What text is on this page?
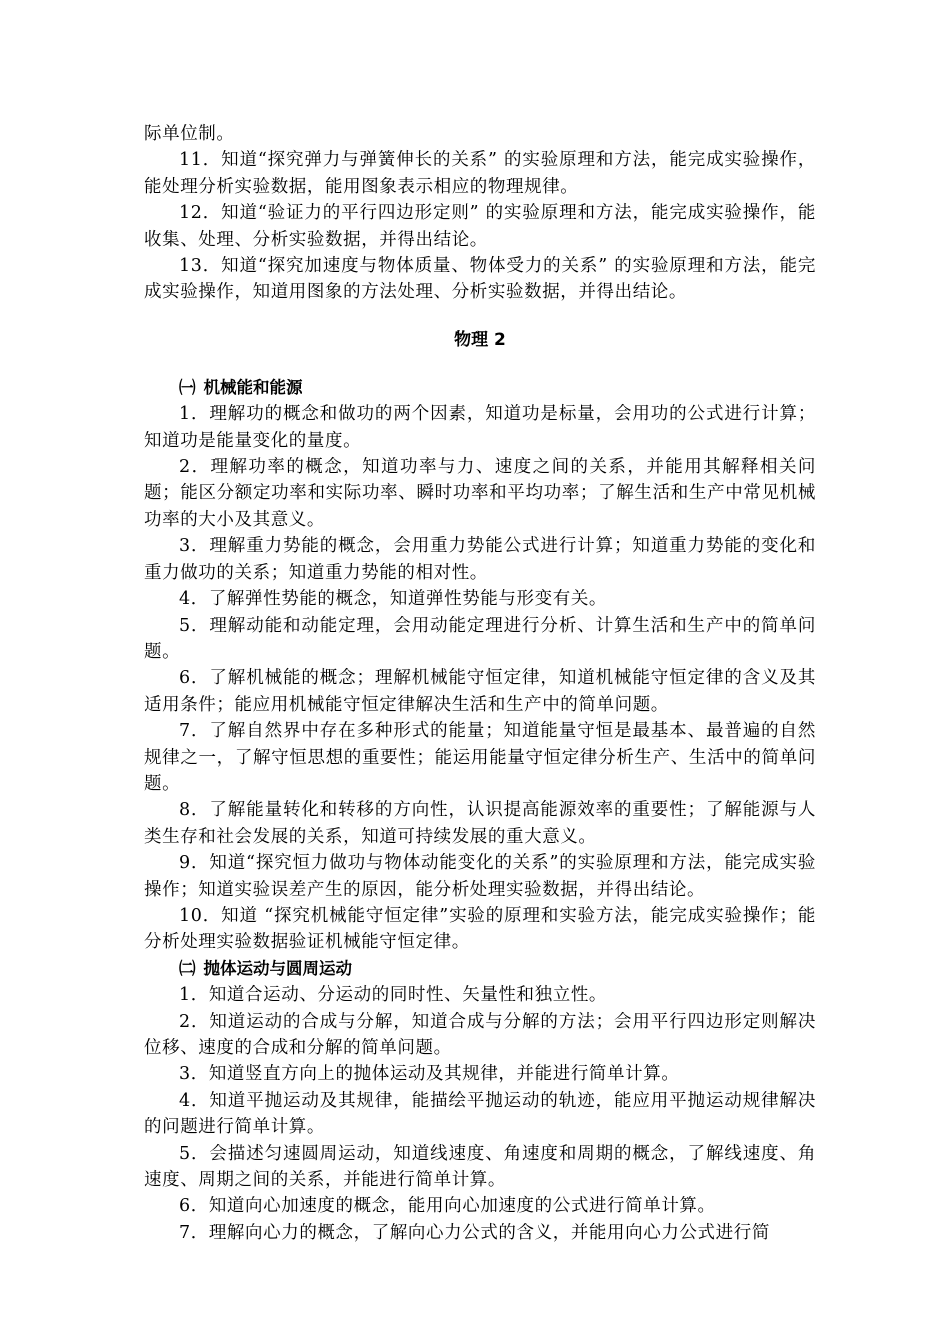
际单位制。

11．知道“探究弹力与弹簧伸长的关系” 的实验原理和方法，能完成实验操作，能处理分析实验数据，能用图象表示相应的物理规律。

12．知道“验证力的平行四边形定则” 的实验原理和方法，能完成实验操作，能收集、处理、分析实验数据，并得出结论。

13．知道“探究加速度与物体质量、物体受力的关系” 的实验原理和方法，能完成实验操作，知道用图象的方法处理、分析实验数据，并得出结论。

物理 2
㈠ 机械能和能源

1．理解功的概念和做功的两个因素，知道功是标量，会用功的公式进行计算；知道功是能量变化的量度。

2．理解功率的概念，知道功率与力、速度之间的关系，并能用其解释相关问题；能区分额定功率和实际功率、瞬时功率和平均功率；了解生活和生产中常见机械功率的大小及其意义。

3．理解重力势能的概念，会用重力势能公式进行计算；知道重力势能的变化和重力做功的关系；知道重力势能的相对性。

4．了解弹性势能的概念，知道弹性势能与形变有关。

5．理解动能和动能定理，会用动能定理进行分析、计算生活和生产中的简单问题。

6．了解机械能的概念；理解机械能守恒定律，知道机械能守恒定律的含义及其适用条件；能应用机械能守恒定律解决生活和生产中的简单问题。

7．了解自然界中存在多种形式的能量；知道能量守恒是最基本、最普遍的自然规律之一，了解守恒思想的重要性；能运用能量守恒定律分析生产、生活中的简单问题。

8．了解能量转化和转移的方向性，认识提高能源效率的重要性；了解能源与人类生存和社会发展的关系，知道可持续发展的重大意义。

9．知道“探究恒力做功与物体动能变化的关系”的实验原理和方法，能完成实验操作；知道实验误差产生的原因，能分析处理实验数据，并得出结论。

10．知道 “探究机械能守恒定律”实验的原理和实验方法，能完成实验操作；能分析处理实验数据验证机械能守恒定律。

㈡ 抛体运动与圆周运动

1．知道合运动、分运动的同时性、矢量性和独立性。

2．知道运动的合成与分解，知道合成与分解的方法；会用平行四边形定则解决位移、速度的合成和分解的简单问题。

3．知道竖直方向上的抛体运动及其规律，并能进行简单计算。

4．知道平抛运动及其规律，能描绘平抛运动的轨迹，能应用平抛运动规律解决的问题进行简单计算。

5．会描述匀速圆周运动，知道线速度、角速度和周期的概念，了解线速度、角速度、周期之间的关系，并能进行简单计算。

6．知道向心加速度的概念，能用向心加速度的公式进行简单计算。

7．理解向心力的概念，了解向心力公式的含义，并能用向心力公式进行简
